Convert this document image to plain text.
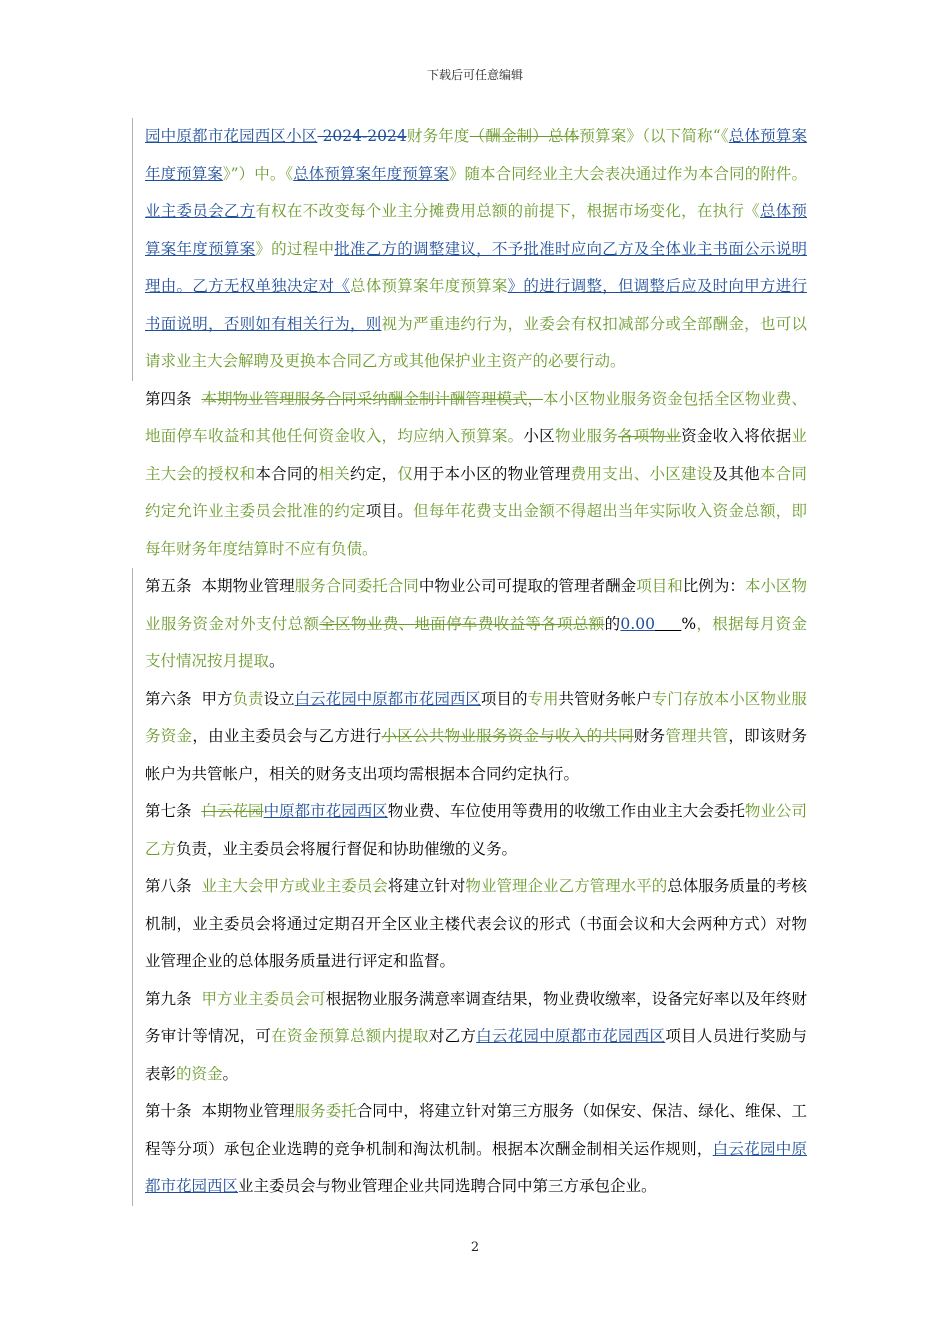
下载后可任意编辑

园中原都市花园西区小区 2024-2024财务年度（酬金制）总体预算案》（以下简称“《总体预算案年度预算案》”）中。《总体预算案年度预算案》随本合同经业主大会表决通过作为本合同的附件。业主委员会乙方有权在不改变每个业主分摊费用总额的前提下，根据市场变化，在执行《总体预算案年度预算案》的过程中批准乙方的调整建议，不予批准时应向乙方及全体业主书面公示说明理由。乙方无权单独决定对《总体预算案年度预算案》的进行调整，但调整后应及时向甲方进行书面说明，否则如有相关行为，则视为严重违约行为，业委会有权扣减部分或全部酬金，也可以请求业主大会解聘及更换本合同乙方或其他保护业主资产的必要行动。

第四条 本期物业管理服务合同采纳酬金制计酬管理模式，本小区物业服务资金包括全区物业费、地面停车收益和其他任何资金收入，均应纳入预算案。小区物业服务各项物业资金收入将依据业主大会的授权和本合同的相关约定，仅用于本小区的物业管理费用支出、小区建设及其他本合同约定允许业主委员会批准的约定项目。但每年花费支出金额不得超出当年实际收入资金总额，即每年财务年度结算时不应有负债。

第五条 本期物业管理服务合同委托合同中物业公司可提取的管理者酬金项目和比例为：本小区物业服务资金对外支付总额全区物业费、地面停车费收益等各项总额的0.00 %，根据每月资金支付情况按月提取。

第六条 甲方负责设立白云花园中原都市花园西区项目的专用共管财务帐户专门存放本小区物业服务资金，由业主委员会与乙方进行小区公共物业服务资金与收入的共同财务管理共管，即该财务帐户为共管帐户，相关的财务支出项均需根据本合同约定执行。

第七条 白云花园中原都市花园西区物业费、车位使用等费用的收缴工作由业主大会委托物业公司乙方负责，业主委员会将履行督促和协助催缴的义务。

第八条 业主大会甲方或业主委员会将建立针对物业管理企业乙方管理水平的总体服务质量的考核机制，业主委员会将通过定期召开全区业主楼代表会议的形式（书面会议和大会两种方式）对物业管理企业的总体服务质量进行评定和监督。

第九条 甲方业主委员会可根据物业服务满意率调查结果，物业费收缴率，设备完好率以及年终财务审计等情况，可在资金预算总额内提取对乙方白云花园中原都市花园西区项目人员进行奖励与表彰的资金。

第十条 本期物业管理服务委托合同中，将建立针对第三方服务（如保安、保洁、绿化、维保、工程等分项）承包企业选聘的竞争机制和淘汰机制。根据本次酬金制相关运作规则，白云花园中原都市花园西区业主委员会与物业管理企业共同选聘合同中第三方承包企业。

2
